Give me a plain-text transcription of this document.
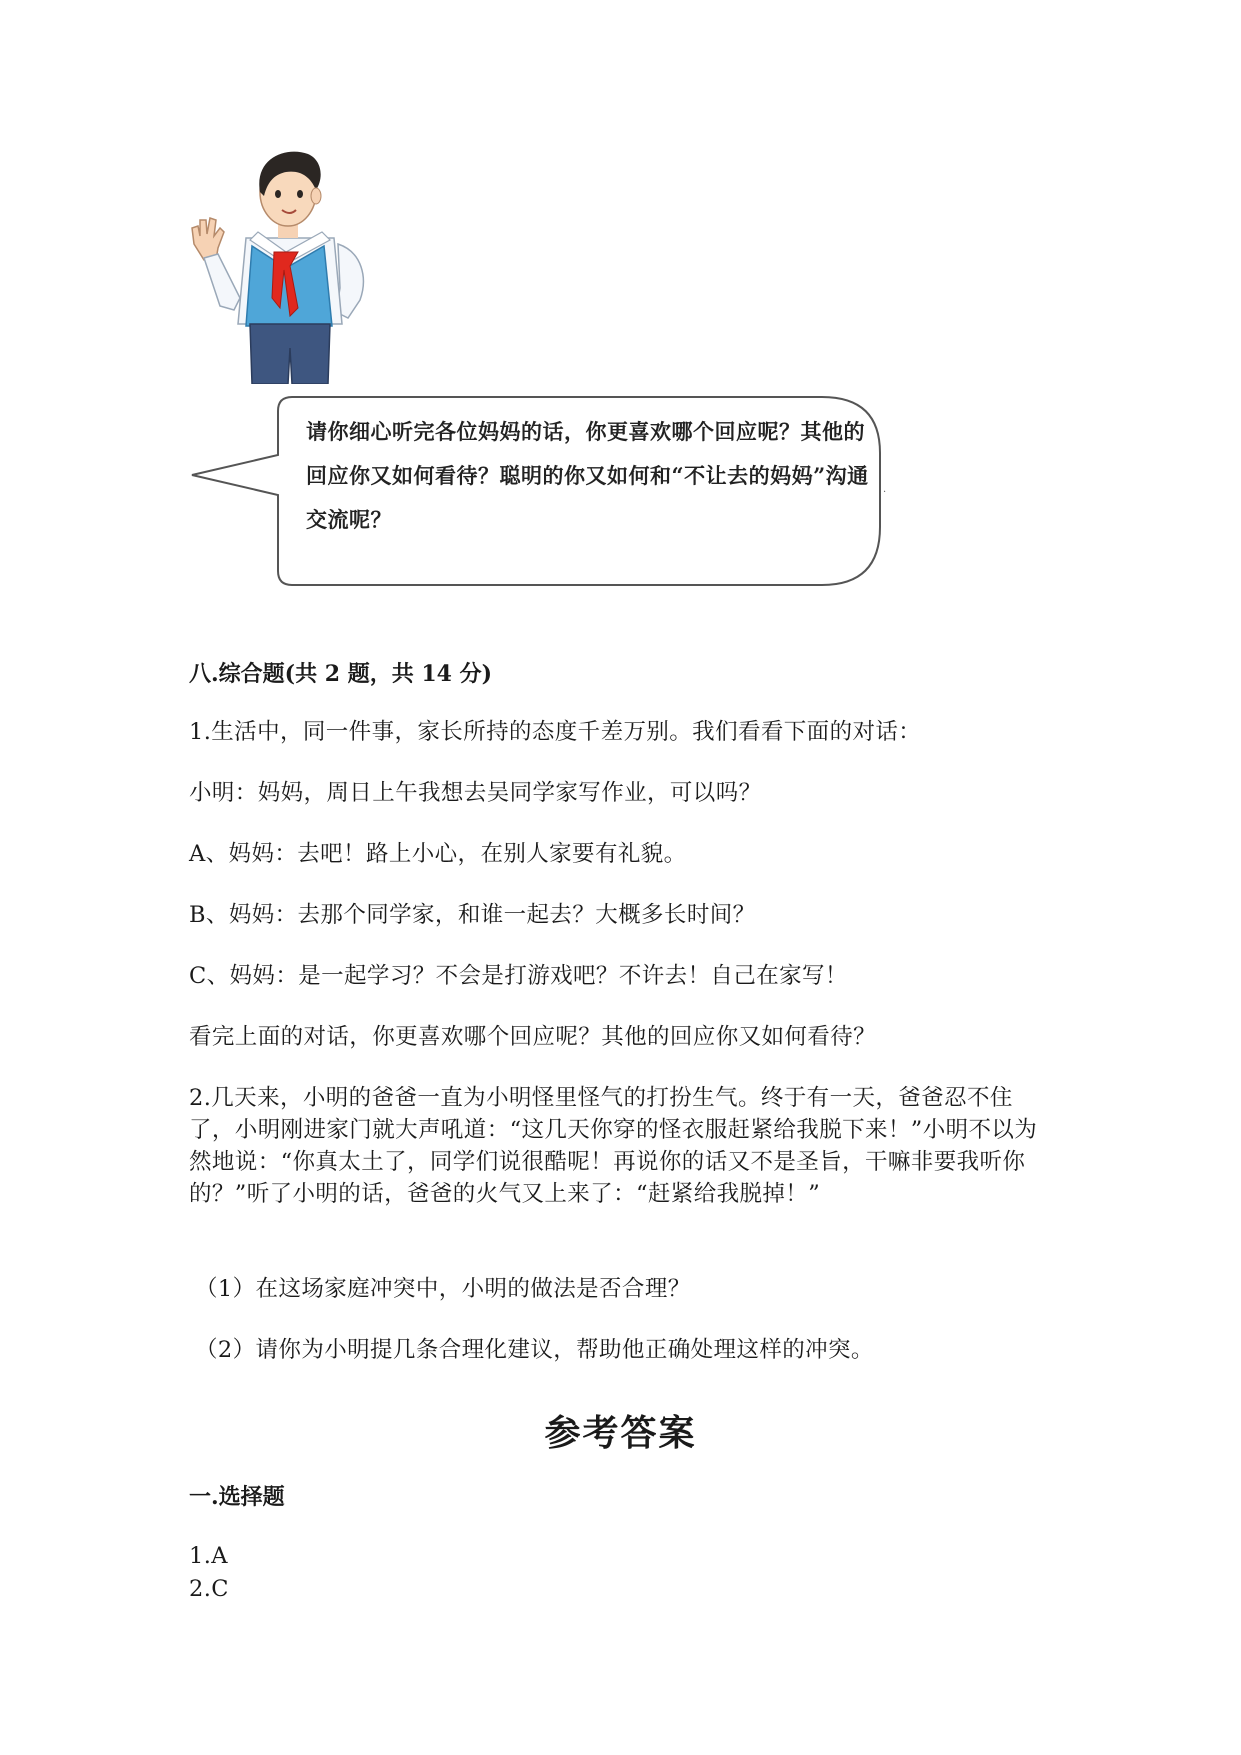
·
请你细心听完各位妈妈的话，你更喜欢哪个回应呢？其他的回应你又如何看待？聪明的你又如何和“不让去的妈妈”沟通交流呢？
八.综合题(共 2 题，共 14 分)
1.生活中，同一件事，家长所持的态度千差万别。我们看看下面的对话：
小明：妈妈，周日上午我想去吴同学家写作业，可以吗？
A、妈妈：去吧！路上小心，在别人家要有礼貌。
B、妈妈：去那个同学家，和谁一起去？大概多长时间？
C、妈妈：是一起学习？不会是打游戏吧？不许去！自己在家写！
看完上面的对话，你更喜欢哪个回应呢？其他的回应你又如何看待？
2.几天来，小明的爸爸一直为小明怪里怪气的打扮生气。终于有一天，爸爸忍不住了，小明刚进家门就大声吼道：“这几天你穿的怪衣服赶紧给我脱下来！”小明不以为然地说：“你真太土了，同学们说很酷呢！再说你的话又不是圣旨，干嘛非要我听你的？”听了小明的话，爸爸的火气又上来了：“赶紧给我脱掉！”
（1）在这场家庭冲突中，小明的做法是否合理？
（2）请你为小明提几条合理化建议，帮助他正确处理这样的冲突。
参考答案
一.选择题
1.A
2.C
